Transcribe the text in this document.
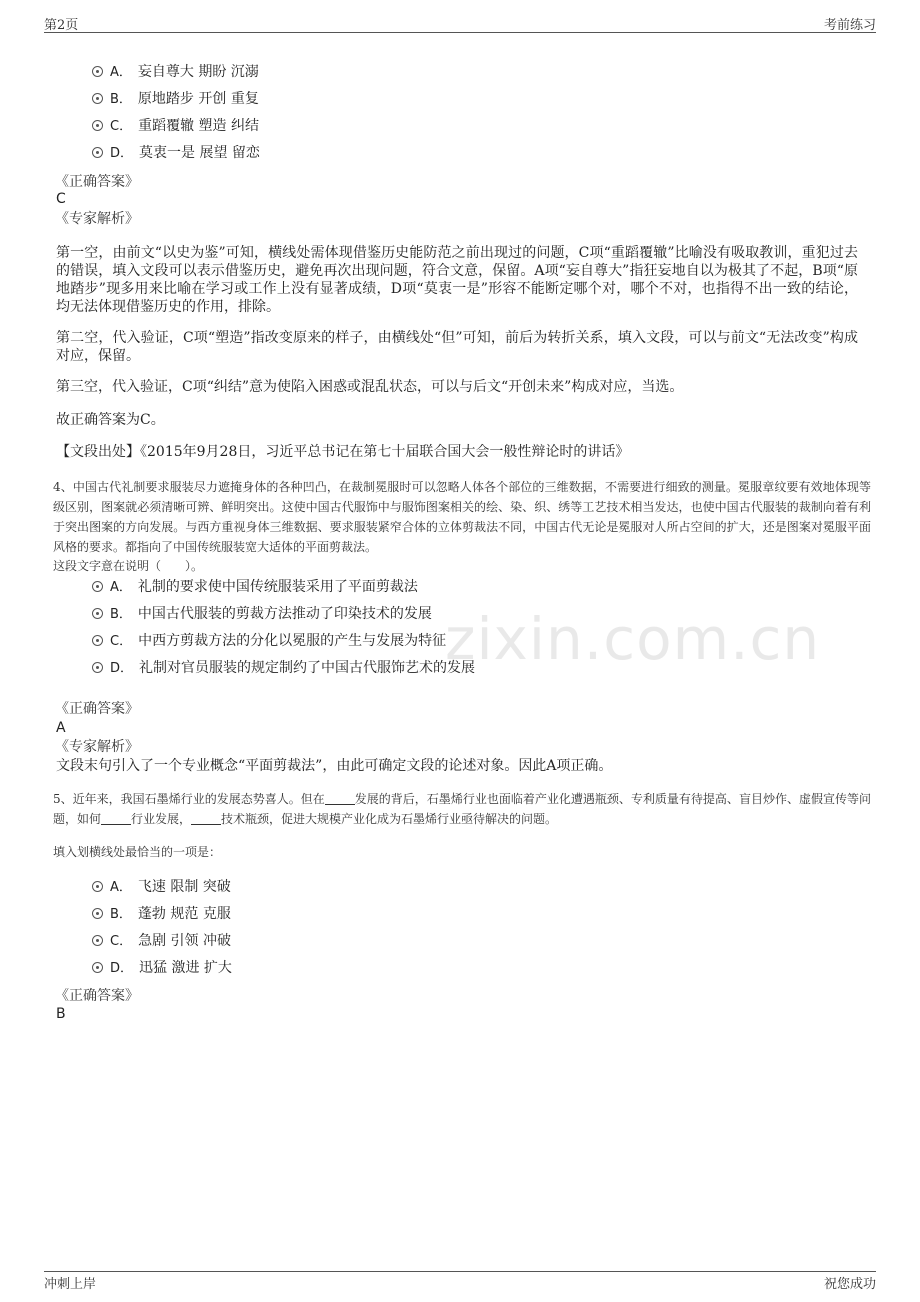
第2页	考前练习
zixin.com.cn
A． 妄自尊大 期盼 沉溺
B． 原地踏步 开创 重复
C． 重蹈覆辙 塑造 纠结
D． 莫衷一是 展望 留恋
《正确答案》
C
《专家解析》
第一空，由前文“以史为鉴”可知，横线处需体现借鉴历史能防范之前出现过的问题，C项“重蹈覆辙”比喻没有吸取教训，重犯过去的错误，填入文段可以表示借鉴历史，避免再次出现问题，符合文意，保留。A项“妄自尊大”指狂妄地自以为极其了不起，B项“原地踏步”现多用来比喻在学习或工作上没有显著成绩，D项“莫衷一是”形容不能断定哪个对，哪个不对，也指得不出一致的结论，均无法体现借鉴历史的作用，排除。
第二空，代入验证，C项“塑造”指改变原来的样子，由横线处“但”可知，前后为转折关系，填入文段，可以与前文“无法改变”构成对应，保留。
第三空，代入验证，C项“纠结”意为使陷入困惑或混乱状态，可以与后文“开创未来”构成对应，当选。
故正确答案为C。
【文段出处】《2015年9月28日，习近平总书记在第七十届联合国大会一般性辩论时的讲话》
4、中国古代礼制要求服装尽力遮掩身体的各种凹凸，在裁制冕服时可以忽略人体各个部位的三维数据，不需要进行细致的测量。冕服章纹要有效地体现等级区别，图案就必须清晰可辨、鲜明突出。这使中国古代服饰中与服饰图案相关的绘、染、织、绣等工艺技术相当发达，也使中国古代服装的裁制向着有利于突出图案的方向发展。与西方重视身体三维数据、要求服装紧窄合体的立体剪裁法不同，中国古代无论是冕服对人所占空间的扩大，还是图案对冕服平面风格的要求。都指向了中国传统服装宽大适体的平面剪裁法。
这段文字意在说明（　　）。
A． 礼制的要求使中国传统服装采用了平面剪裁法
B． 中国古代服装的剪裁方法推动了印染技术的发展
C． 中西方剪裁方法的分化以冕服的产生与发展为特征
D． 礼制对官员服装的规定制约了中国古代服饰艺术的发展
《正确答案》
A
《专家解析》
文段末句引入了一个专业概念“平面剪裁法”，由此可确定文段的论述对象。因此A项正确。
5、近年来，我国石墨烯行业的发展态势喜人。但在	发展的背后，石墨烯行业也面临着产业化遭遇瓶颈、专利质量有待提高、盲目炒作、虚假宣传等问题，如何	行业发展，	技术瓶颈，促进大规模产业化成为石墨烯行业亟待解决的问题。
填入划横线处最恰当的一项是：
A． 飞速 限制 突破
B． 蓬勃 规范 克服
C． 急剧 引领 冲破
D． 迅猛 激进 扩大
《正确答案》
B
冲刺上岸	祝您成功
